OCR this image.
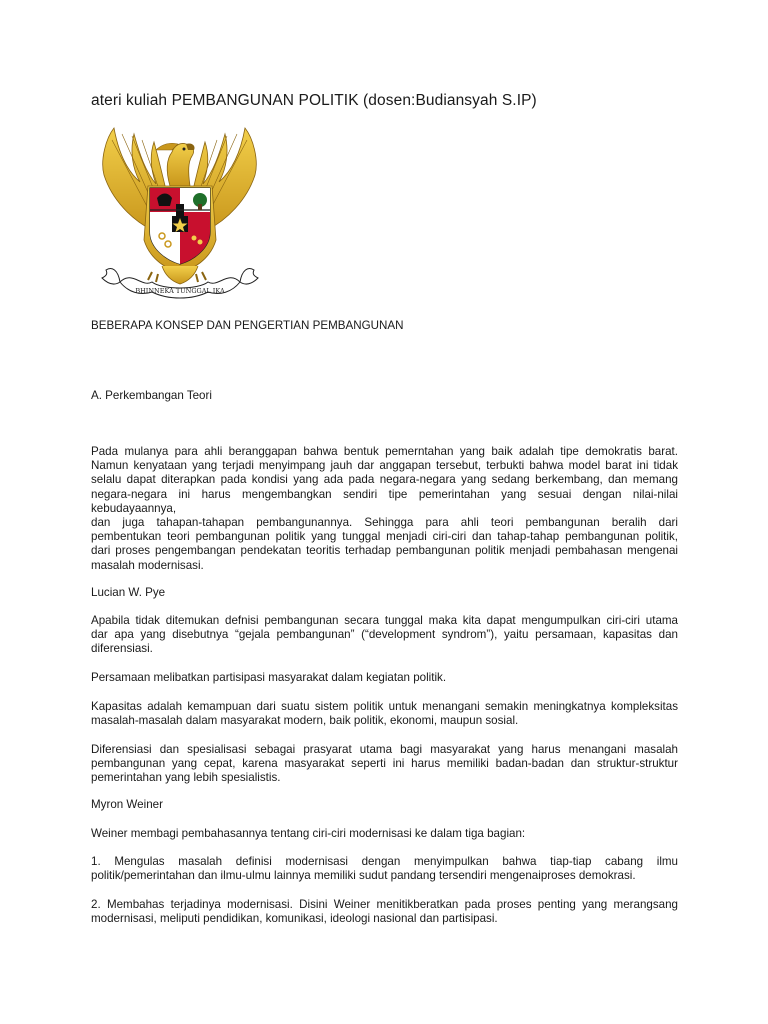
ateri kuliah PEMBANGUNAN POLITIK (dosen:Budiansyah S.IP)
BHINNEKA TUNGGAL IKA
BEBERAPA KONSEP DAN PENGERTIAN PEMBANGUNAN
A. Perkembangan Teori
Pada mulanya para ahli beranggapan bahwa bentuk pemerntahan yang baik adalah tipe demokratis barat.
Namun kenyataan yang terjadi menyimpang jauh dar anggapan tersebut, terbukti bahwa model barat ini tidak
selalu dapat diterapkan pada kondisi yang ada pada negara-negara yang sedang berkembang, dan memang
negara-negara ini harus mengembangkan sendiri tipe pemerintahan yang sesuai dengan nilai-nilai
kebudayaannya,
dan juga tahapan-tahapan pembangunannya. Sehingga para ahli teori pembangunan beralih dari
pembentukan teori pembangunan politik yang tunggal menjadi ciri-ciri dan tahap-tahap pembangunan politik,
dari proses pengembangan pendekatan teoritis terhadap pembangunan politik menjadi pembahasan mengenai
masalah modernisasi.
Lucian W. Pye
Apabila tidak ditemukan defnisi pembangunan secara tunggal maka kita dapat mengumpulkan ciri-ciri utama
dar apa yang disebutnya “gejala pembangunan” (“development syndrom”), yaitu persamaan, kapasitas dan
diferensiasi.
Persamaan melibatkan partisipasi masyarakat dalam kegiatan politik.
Kapasitas adalah kemampuan dari suatu sistem politik untuk menangani semakin meningkatnya kompleksitas
masalah-masalah dalam masyarakat modern, baik politik, ekonomi, maupun sosial.
Diferensiasi dan spesialisasi sebagai prasyarat utama bagi masyarakat yang harus menangani masalah
pembangunan yang cepat, karena masyarakat seperti ini harus memiliki badan-badan dan struktur-struktur
pemerintahan yang lebih spesialistis.
Myron Weiner
Weiner membagi pembahasannya tentang ciri-ciri modernisasi ke dalam tiga bagian:
1. Mengulas masalah definisi modernisasi dengan menyimpulkan bahwa tiap-tiap cabang ilmu
politik/pemerintahan dan ilmu-ulmu lainnya memiliki sudut pandang tersendiri mengenaiproses demokrasi.
2. Membahas terjadinya modernisasi. Disini Weiner menitikberatkan pada proses penting yang merangsang
modernisasi, meliputi pendidikan, komunikasi, ideologi nasional dan partisipasi.
